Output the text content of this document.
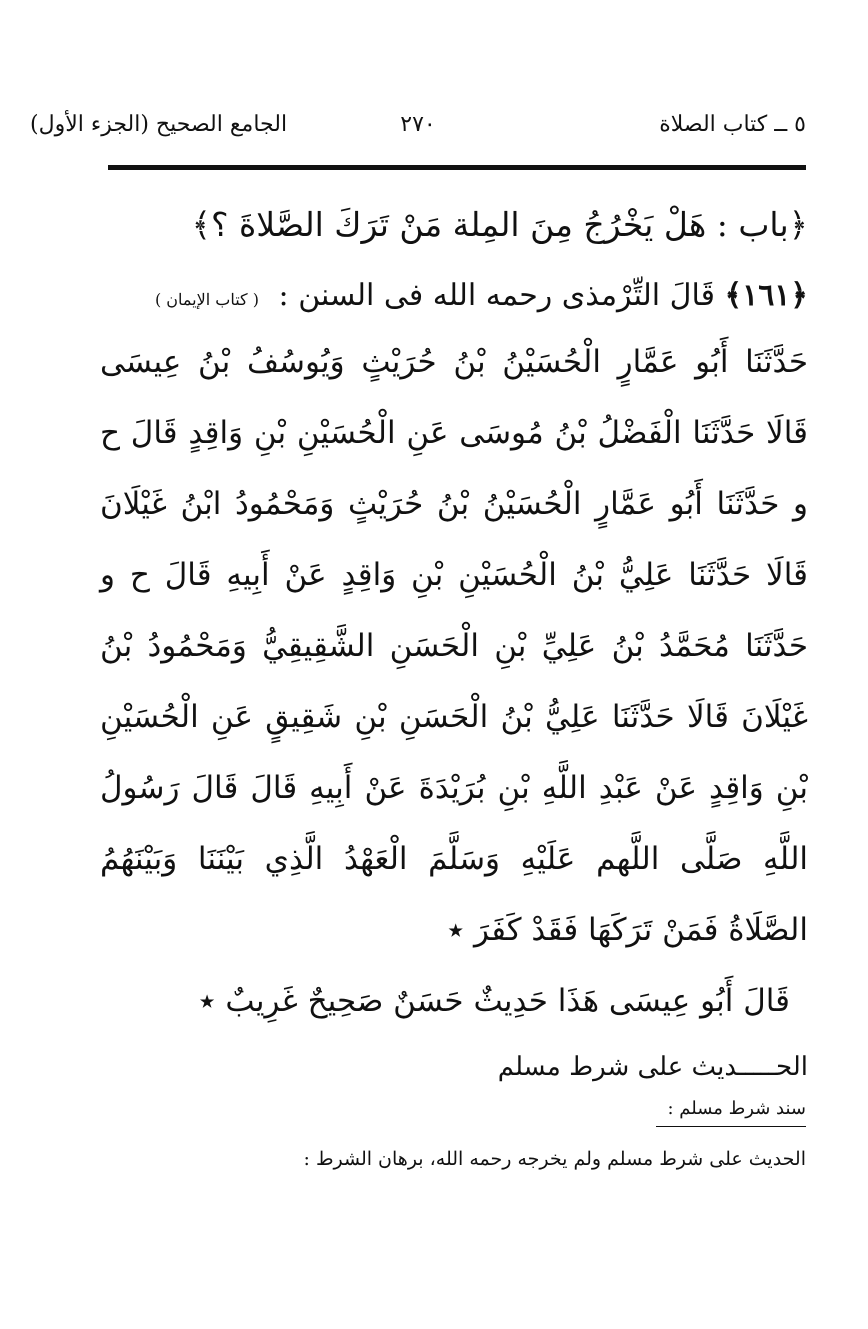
٥ ــ كتاب الصلاة
٢٧٠
الجامع الصحيح (الجزء الأول)
﴿باب : هَلْ يَخْرُجُ مِنَ المِلة مَنْ تَرَكَ الصَّلاةَ ؟﴾
﴿١٦١﴾ قَالَ التِّرْمذى رحمه الله فى السنن : ( كتاب الإيمان )
حَدَّثَنَا أَبُو عَمَّارٍ الْحُسَيْنُ بْنُ حُرَيْثٍ وَيُوسُفُ بْنُ عِيسَى
قَالَا حَدَّثَنَا الْفَضْلُ بْنُ مُوسَى عَنِ الْحُسَيْنِ بْنِ وَاقِدٍ قَالَ ح
و حَدَّثَنَا أَبُو عَمَّارٍ الْحُسَيْنُ بْنُ حُرَيْثٍ وَمَحْمُودُ ابْنُ غَيْلَانَ
قَالَا حَدَّثَنَا عَلِيُّ بْنُ الْحُسَيْنِ بْنِ وَاقِدٍ عَنْ أَبِيهِ قَالَ ح و
حَدَّثَنَا مُحَمَّدُ بْنُ عَلِيِّ بْنِ الْحَسَنِ الشَّقِيقِيُّ وَمَحْمُودُ بْنُ
غَيْلَانَ قَالَا حَدَّثَنَا عَلِيُّ بْنُ الْحَسَنِ بْنِ شَقِيقٍ عَنِ الْحُسَيْنِ
بْنِ وَاقِدٍ عَنْ عَبْدِ اللَّهِ بْنِ بُرَيْدَةَ عَنْ أَبِيهِ قَالَ قَالَ رَسُولُ
اللَّهِ صَلَّى اللَّهم عَلَيْهِ وَسَلَّمَ الْعَهْدُ الَّذِي بَيْنَنَا وَبَيْنَهُمُ
الصَّلَاةُ فَمَنْ تَرَكَهَا فَقَدْ كَفَرَ ٭
قَالَ أَبُو عِيسَى هَذَا حَدِيثٌ حَسَنٌ صَحِيحٌ غَرِيبٌ ٭
الحـــــديث على شرط مسلم
سند شرط مسلم :
الحديث على شرط مسلم ولم يخرجه رحمه الله، برهان الشرط :
